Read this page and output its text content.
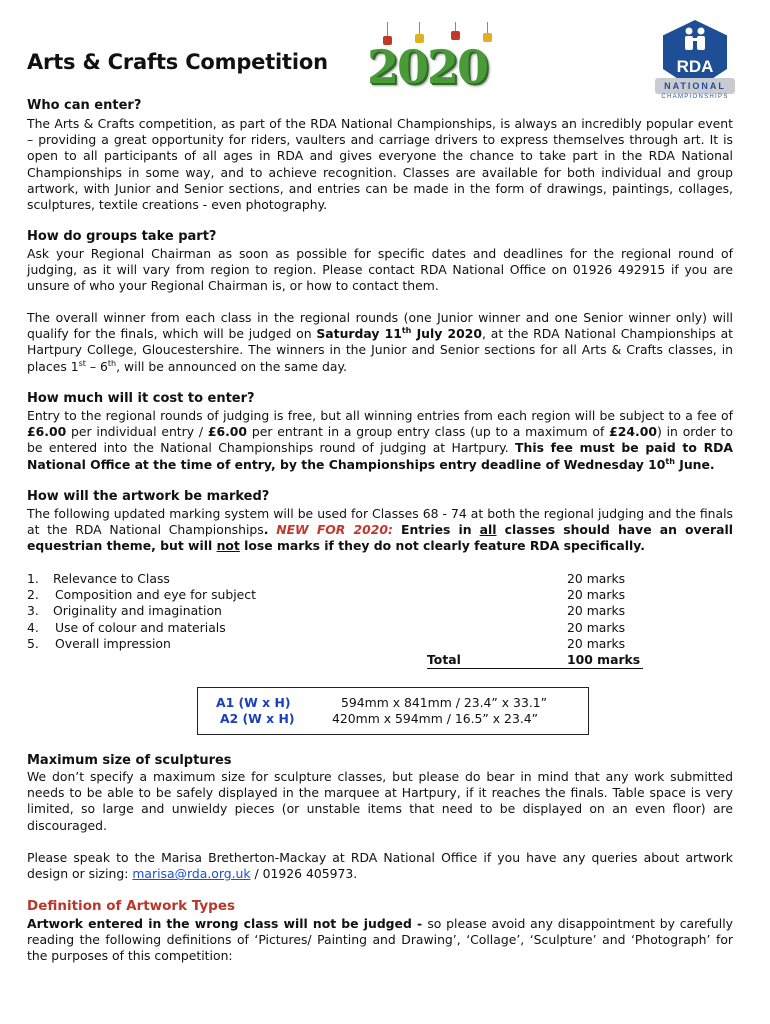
Arts & Crafts Competition 2020	RDA
NATIONAL
CHAMPIONSHIPS
Who can enter?
The Arts & Crafts competition, as part of the RDA National Championships, is always an incredibly popular event – providing a great opportunity for riders, vaulters and carriage drivers to express themselves through art. It is open to all participants of all ages in RDA and gives everyone the chance to take part in the RDA National Championships in some way, and to achieve recognition. Classes are available for both individual and group artwork, with Junior and Senior sections, and entries can be made in the form of drawings, paintings, collages, sculptures, textile creations - even photography.
How do groups take part?
Ask your Regional Chairman as soon as possible for specific dates and deadlines for the regional round of judging, as it will vary from region to region. Please contact RDA National Office on 01926 492915 if you are unsure of who your Regional Chairman is, or how to contact them.
The overall winner from each class in the regional rounds (one Junior winner and one Senior winner only) will qualify for the finals, which will be judged on Saturday 11th July 2020, at the RDA National Championships at Hartpury College, Gloucestershire. The winners in the Junior and Senior sections for all Arts & Crafts classes, in places 1st – 6th, will be announced on the same day.
How much will it cost to enter?
Entry to the regional rounds of judging is free, but all winning entries from each region will be subject to a fee of £6.00 per individual entry / £6.00 per entrant in a group entry class (up to a maximum of £24.00) in order to be entered into the National Championships round of judging at Hartpury. This fee must be paid to RDA National Office at the time of entry, by the Championships entry deadline of Wednesday 10th June.
How will the artwork be marked?
The following updated marking system will be used for Classes 68 - 74 at both the regional judging and the finals at the RDA National Championships. NEW FOR 2020: Entries in all classes should have an overall equestrian theme, but will not lose marks if they do not clearly feature RDA specifically.
1. Relevance to Class	20 marks
2. Composition and eye for subject	20 marks
3. Originality and imagination	20 marks
4. Use of colour and materials	20 marks
5. Overall impression	20 marks
Total	100 marks
A1 (W x H)	594mm x 841mm / 23.4” x 33.1”
A2 (W x H)	420mm x 594mm / 16.5” x 23.4”
Maximum size of sculptures
We don’t specify a maximum size for sculpture classes, but please do bear in mind that any work submitted needs to be able to be safely displayed in the marquee at Hartpury, if it reaches the finals. Table space is very limited, so large and unwieldy pieces (or unstable items that need to be displayed on an even floor) are discouraged.
Please speak to the Marisa Bretherton-Mackay at RDA National Office if you have any queries about artwork design or sizing: marisa@rda.org.uk / 01926 405973.
Definition of Artwork Types
Artwork entered in the wrong class will not be judged - so please avoid any disappointment by carefully reading the following definitions of ‘Pictures/ Painting and Drawing’, ‘Collage’, ‘Sculpture’ and ‘Photograph’ for the purposes of this competition:
